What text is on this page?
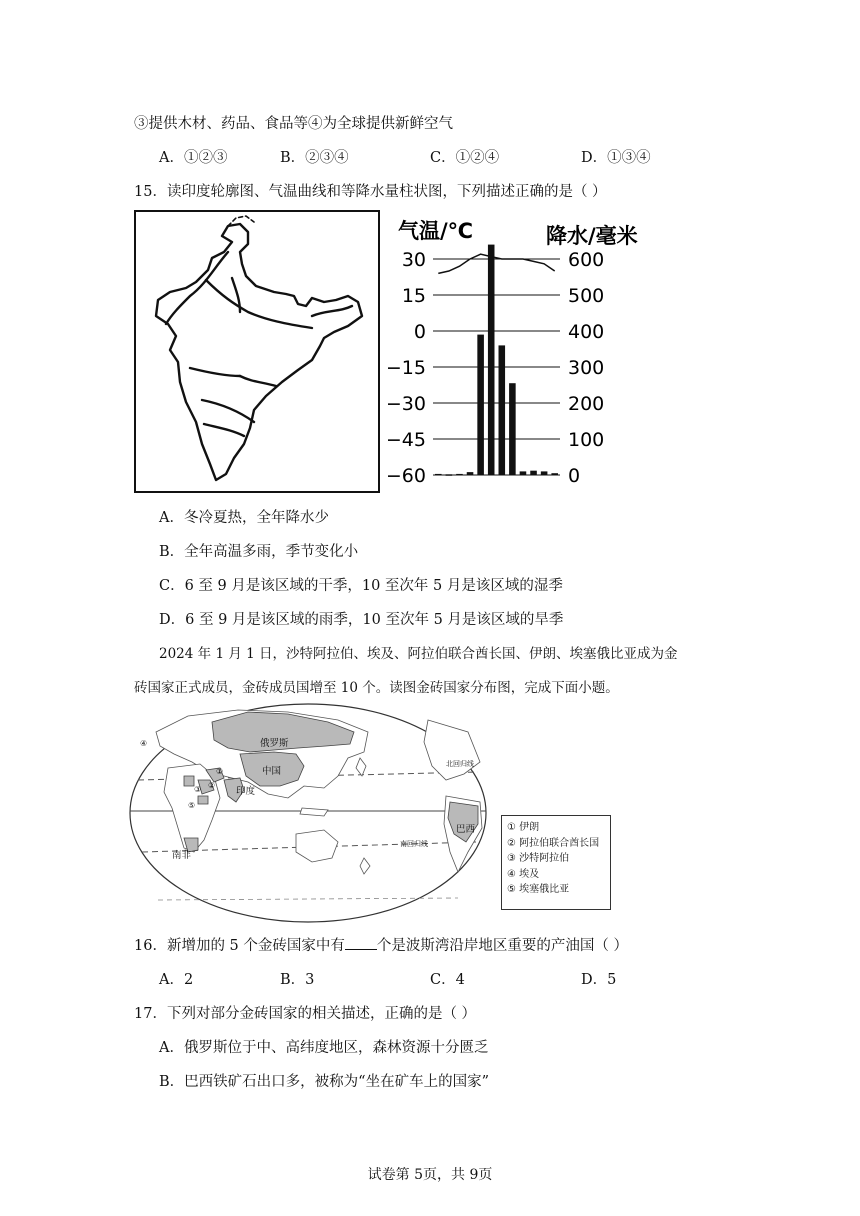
③提供木材、药品、食品等④为全球提供新鲜空气
A．①②③	B．②③④	C．①②④	D．①③④
15．读印度轮廓图、气温曲线和等降水量柱状图，下列描述正确的是（ ）
气温/℃	降水/毫米
30
15
0
−15
−30
−45
−60
600
500
400
300
200
100
0
A．冬冷夏热，全年降水少
B．全年高温多雨，季节变化小
C．6 至 9 月是该区域的干季，10 至次年 5 月是该区域的湿季
D．6 至 9 月是该区域的雨季，10 至次年 5 月是该区域的旱季
2024 年 1 月 1 日，沙特阿拉伯、埃及、阿拉伯联合酋长国、伊朗、埃塞俄比亚成为金
砖国家正式成员，金砖成员国增至 10 个。读图金砖国家分布图，完成下面小题。
俄罗斯
中国
印度
巴西
南非
北回归线
南回归线
④
①
②
③
⑤
① 伊朗
② 阿拉伯联合酋长国
③ 沙特阿拉伯
④ 埃及
⑤ 埃塞俄比亚
16．新增加的 5 个金砖国家中有 个是波斯湾沿岸地区重要的产油国（ ）
A．2	B．3	C．4	D．5
17．下列对部分金砖国家的相关描述，正确的是（ ）
A．俄罗斯位于中、高纬度地区，森林资源十分匮乏
B．巴西铁矿石出口多，被称为“坐在矿车上的国家”
试卷第 5页，共 9页
